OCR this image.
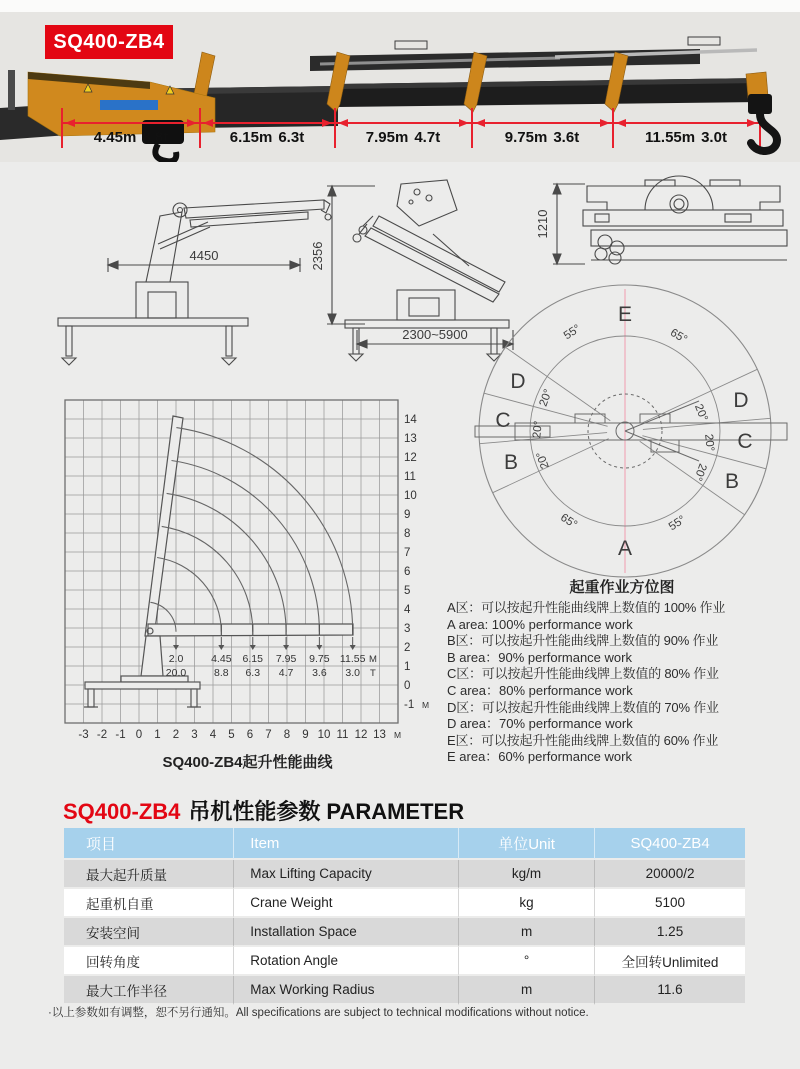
SQ400-ZB4
4.45m 8.8t	6.15m 6.3t	7.95m 4.7t	9.75m 3.6t	11.55m 3.0t
4450	2356
2300~5900
1210
2.0
20.0
4.45
8.8
6.15
6.3
7.95
4.7
9.75
3.6
11.55
3.0
M
T
14
13
12
11
10
9
8
7
6
5
4
3
2
1
0
-1 M
-3 -2 -1 0 1 2 3 4 5 6 7 8 9 10 11 12 13 M
SQ400-ZB4起升性能曲线
E
A
D
C
B
D
C
B
55°	65°
20°
20°
20°
20°
20°
20°
65°	55°
起重作业方位图
A区：可以按起升性能曲线牌上数值的 100% 作业
A area: 100% performance work
B区：可以按起升性能曲线牌上数值的 90% 作业
B area：90% performance work
C区：可以按起升性能曲线牌上数值的 80% 作业
C area：80% performance work
D区：可以按起升性能曲线牌上数值的 70% 作业
D area：70% performance work
E区：可以按起升性能曲线牌上数值的 60% 作业
E area：60% performance work
SQ400-ZB4 吊机性能参数 PARAMETER
项目	Item	单位Unit	SQ400-ZB4
最大起升质量	Max Lifting Capacity	kg/m	20000/2
起重机自重	Crane Weight	kg	5100
安装空间	Installation Space	m	1.25
回转角度	Rotation Angle	°	全回转Unlimited
最大工作半径	Max Working Radius	m	11.6
·以上参数如有调整，恕不另行通知。All specifications are subject to technical modifications without notice.
